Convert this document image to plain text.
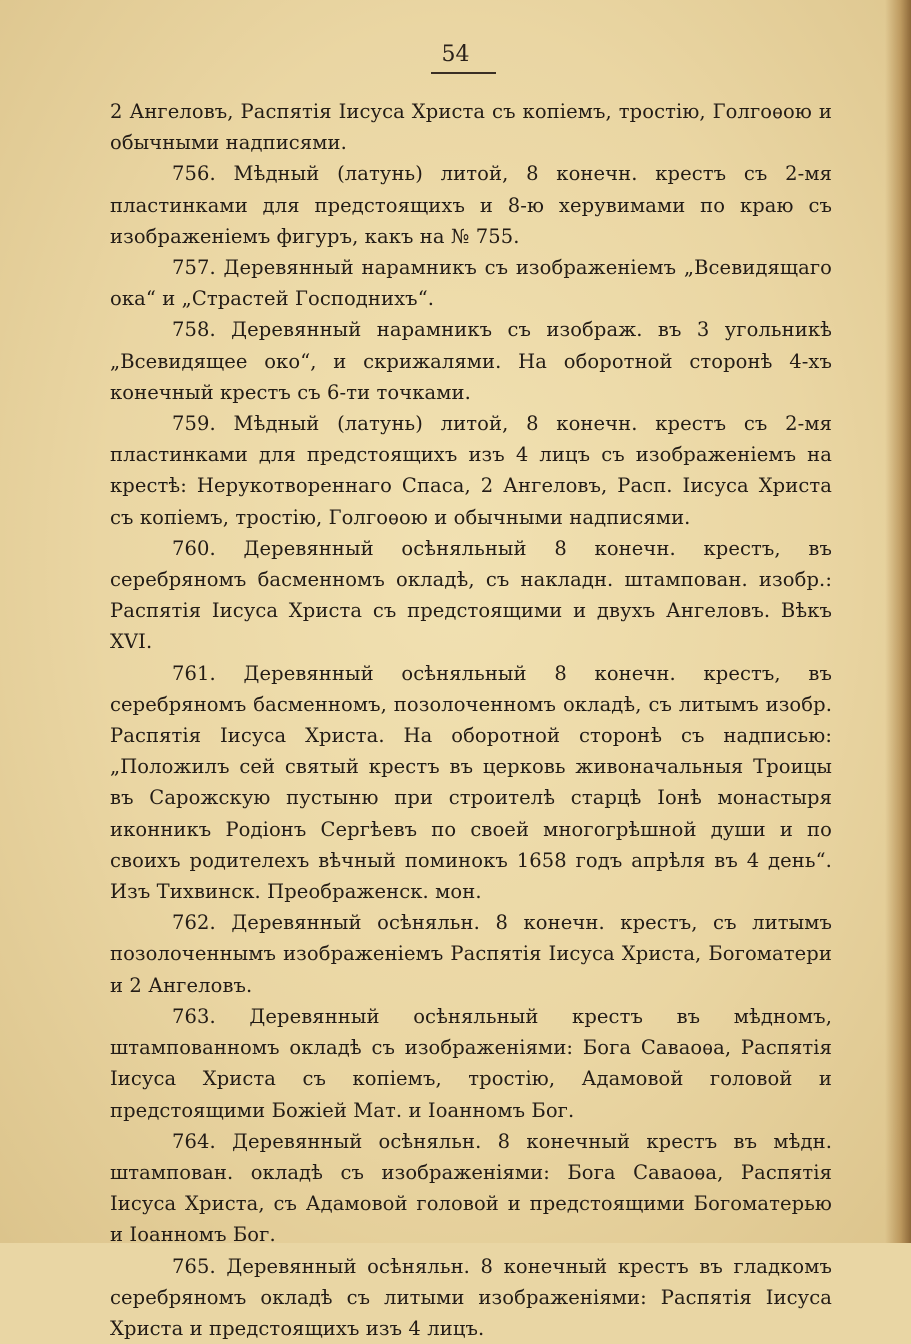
54

2 Ангеловъ, Распятія Іисуса Христа съ копіемъ, тростію, Голгоѳою и обычными надписями.

756. Мѣдный (латунь) литой, 8 конечн. крестъ съ 2-мя пластинками для предстоящихъ и 8-ю херувимами по краю съ изображеніемъ фигуръ, какъ на № 755.

757. Деревянный нарамникъ съ изображеніемъ „Всевидящаго ока“ и „Страстей Господнихъ“.

758. Деревянный нарамникъ съ изображ. въ 3 угольникѣ „Всевидящее око“, и скрижалями. На оборотной сторонѣ 4-хъ конечный крестъ съ 6-ти точками.

759. Мѣдный (латунь) литой, 8 конечн. крестъ съ 2-мя пластинками для предстоящихъ изъ 4 лицъ съ изображеніемъ на крестѣ: Нерукотвореннаго Спаса, 2 Ангеловъ, Расп. Іисуса Христа съ копіемъ, тростію, Голгоѳою и обычными надписями.

760. Деревянный осѣняльный 8 конечн. крестъ, въ серебряномъ басменномъ окладѣ, съ накладн. штампован. изобр.: Распятія Іисуса Христа съ предстоящими и двухъ Ангеловъ. Вѣкъ XVI.

761. Деревянный осѣняльный 8 конечн. крестъ, въ серебряномъ басменномъ, позолоченномъ окладѣ, съ литымъ изобр. Распятія Іисуса Христа. На оборотной сторонѣ съ надписью: „Положилъ сей святый крестъ въ церковь живоначальныя Троицы въ Сарожскую пустыню при строителѣ старцѣ Іонѣ монастыря иконникъ Родіонъ Сергѣевъ по своей многогрѣшной души и по своихъ родителехъ вѣчный поминокъ 1658 годъ апрѣля въ 4 день“. Изъ Тихвинск. Преображенск. мон.

762. Деревянный осѣняльн. 8 конечн. крестъ, съ литымъ позолоченнымъ изображеніемъ Распятія Іисуса Христа, Богоматери и 2 Ангеловъ.

763. Деревянный осѣняльный крестъ въ мѣдномъ, штампованномъ окладѣ съ изображеніями: Бога Саваоѳа, Распятія Іисуса Христа съ копіемъ, тростію, Адамовой головой и предстоящими Божіей Мат. и Іоанномъ Бог.

764. Деревянный осѣняльн. 8 конечный крестъ въ мѣдн. штампован. окладѣ съ изображеніями: Бога Саваоѳа, Распятія Іисуса Христа, съ Адамовой головой и предстоящими Богоматерью и Іоанномъ Бог.

765. Деревянный осѣняльн. 8 конечный крестъ въ гладкомъ серебряномъ окладѣ съ литыми изображеніями: Распятія Іисуса Христа и предстоящихъ изъ 4 лицъ.
